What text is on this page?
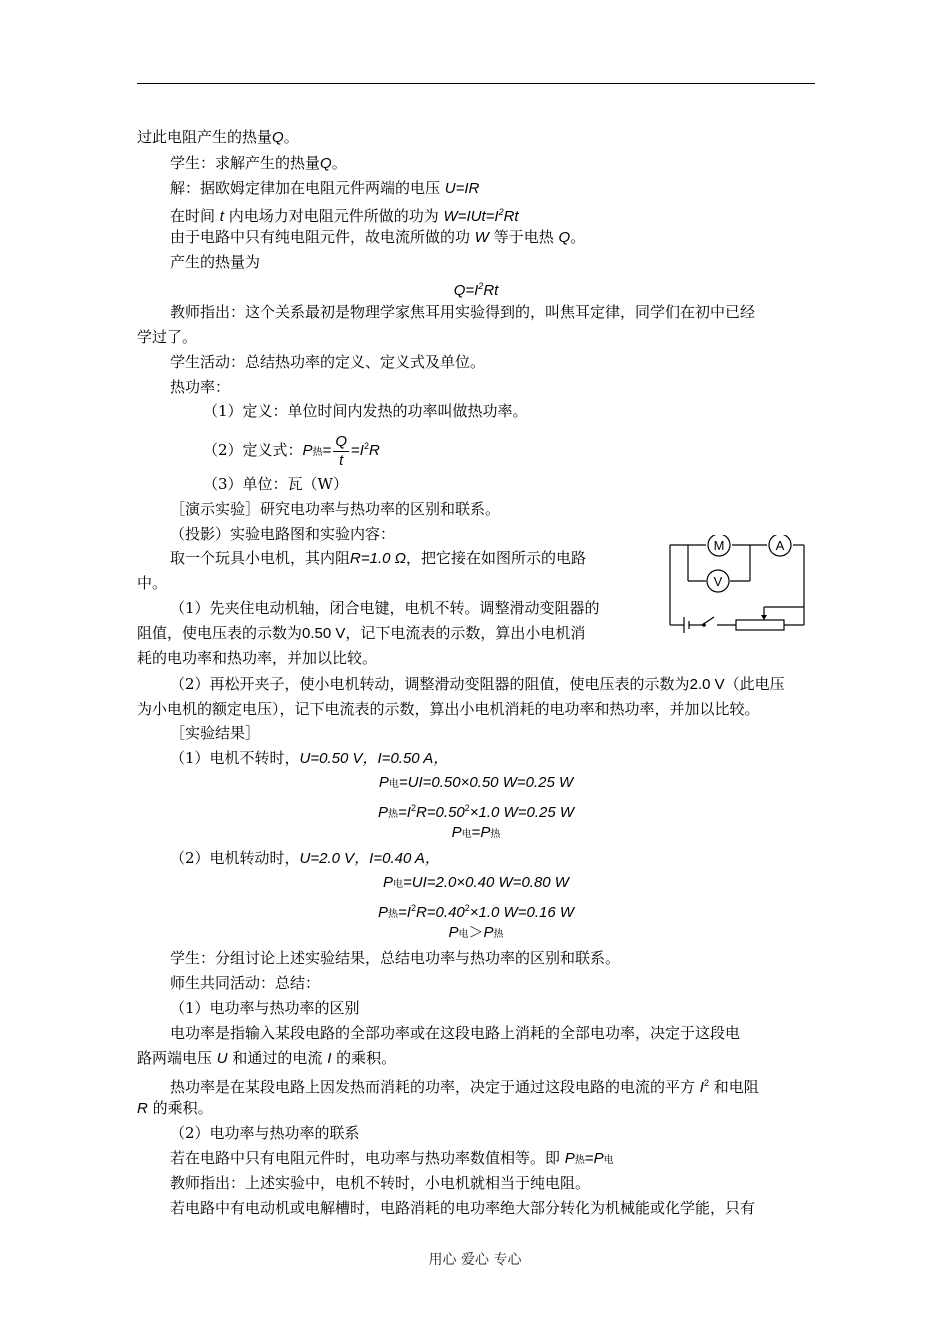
过此电阻产生的热量Q。
学生：求解产生的热量Q。
解：据欧姆定律加在电阻元件两端的电压 U=IR
在时间 t 内电场力对电阻元件所做的功为 $W=IUt=I^2Rt$
由于电路中只有纯电阻元件，故电流所做的功 W 等于电热 Q。
产生的热量为
$Q=I^2Rt$
教师指出：这个关系最初是物理学家焦耳用实验得到的，叫焦耳定律，同学们在初中已经
学过了。
学生活动：总结热功率的定义、定义式及单位。
热功率：
（1）定义：单位时间内发热的功率叫做热功率。
（2）定义式：P热= $\frac{Q}{t} =I^2R$
（3）单位：瓦（W）
［演示实验］研究电功率与热功率的区别和联系。
（投影）实验电路图和实验内容：
取一个玩具小电机，其内阻R=1.0 Ω，把它接在如图所示的电路
中。
（1）先夹住电动机轴，闭合电键，电机不转。调整滑动变阻器的
阻值，使电压表的示数为0.50 V，记下电流表的示数，算出小电机消
耗的电功率和热功率，并加以比较。
（2）再松开夹子，使小电机转动，调整滑动变阻器的阻值，使电压表的示数为2.0 V（此电压
为小电机的额定电压），记下电流表的示数，算出小电机消耗的电功率和热功率，并加以比较。
［实验结果］
（1）电机不转时，U=0.50 V，I=0.50 A，
P电=UI=0.50×0.50 W=0.25 W
P热$=I^2R=0.50^2\times 1.0$ W=0.25 W
P电=P热
（2）电机转动时，U=2.0 V，I=0.40 A，
P电=UI=2.0×0.40 W=0.80 W
P热$=I^2R=0.40^2\times 1.0$ W=0.16 W
P电＞P热
学生：分组讨论上述实验结果，总结电功率与热功率的区别和联系。
师生共同活动：总结：
（1）电功率与热功率的区别
电功率是指输入某段电路的全部功率或在这段电路上消耗的全部电功率，决定于这段电
路两端电压 U 和通过的电流 I 的乘积。
热功率是在某段电路上因发热而消耗的功率，决定于通过这段电路的电流的平方 $I^2$ 和电阻
R 的乘积。
（2）电功率与热功率的联系
若在电路中只有电阻元件时，电功率与热功率数值相等。即 P热=P电
教师指出：上述实验中，电机不转时，小电机就相当于纯电阻。
若电路中有电动机或电解槽时，电路消耗的电功率绝大部分转化为机械能或化学能，只有
M	A
V
用心 爱心 专心
